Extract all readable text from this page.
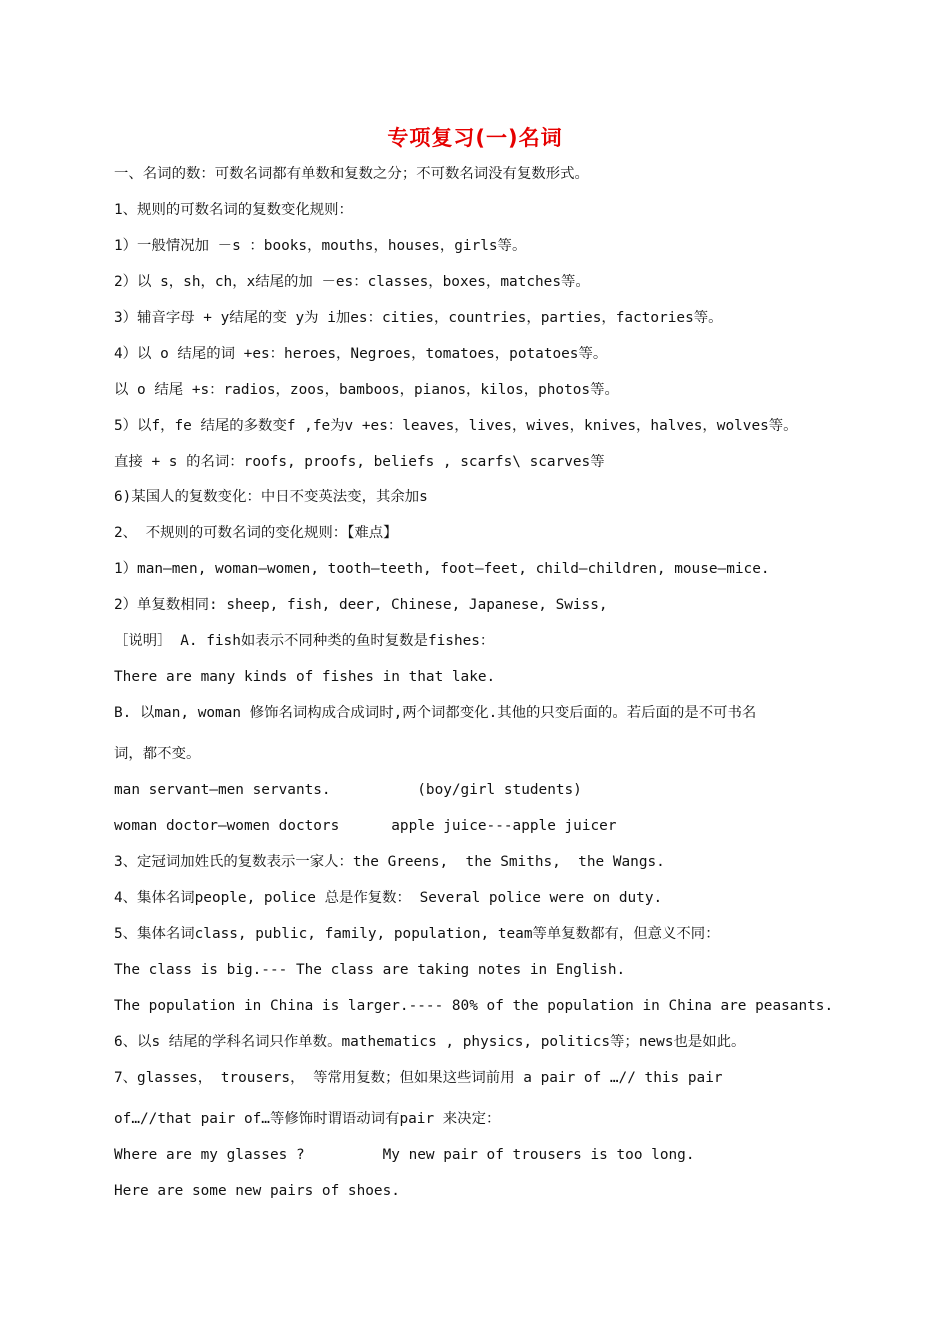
专项复习(一)名词
一、名词的数：可数名词都有单数和复数之分；不可数名词没有复数形式。
1、规则的可数名词的复数变化规则：
1）一般情况加 －s ：books，mouths，houses，girls等。
2）以 s，sh，ch，x结尾的加 －es：classes，boxes，matches等。
3）辅音字母 + y结尾的变 y为 i加es：cities，countries，parties，factories等。
4）以 o 结尾的词 +es：heroes，Negroes，tomatoes，potatoes等。
以 o 结尾 +s：radios，zoos，bamboos，pianos，kilos，photos等。
5）以f，fe 结尾的多数变f ,fe为v +es：leaves，lives，wives，knives，halves，wolves等。
直接 + s 的名词：roofs, proofs, beliefs , scarfs\ scarves等
6)某国人的复数变化：中日不变英法变，其余加s
2、 不规则的可数名词的变化规则：【难点】
1）man—men, woman—women, tooth—teeth, foot—feet, child—children, mouse—mice.
2）单复数相同: sheep, fish, deer, Chinese, Japanese, Swiss,
［说明］ A. fish如表示不同种类的鱼时复数是fishes：
There are many kinds of fishes in that lake.
B. 以man, woman 修饰名词构成合成词时,两个词都变化.其他的只变后面的。若后面的是不可书名
词，都不变。
man servant—men servants.          (boy/girl students)
woman doctor—women doctors      apple juice---apple juicer
3、定冠词加姓氏的复数表示一家人：the Greens,  the Smiths,  the Wangs.
4、集体名词people, police 总是作复数： Several police were on duty.
5、集体名词class, public, family, population, team等单复数都有，但意义不同：
The class is big.--- The class are taking notes in English.
The population in China is larger.---- 80% of the population in China are peasants.
6、以s 结尾的学科名词只作单数。mathematics , physics, politics等；news也是如此。
7、glasses， trousers， 等常用复数；但如果这些词前用 a pair of …// this pair
of…//that pair of…等修饰时谓语动词有pair 来决定：
Where are my glasses ?         My new pair of trousers is too long.
Here are some new pairs of shoes.
